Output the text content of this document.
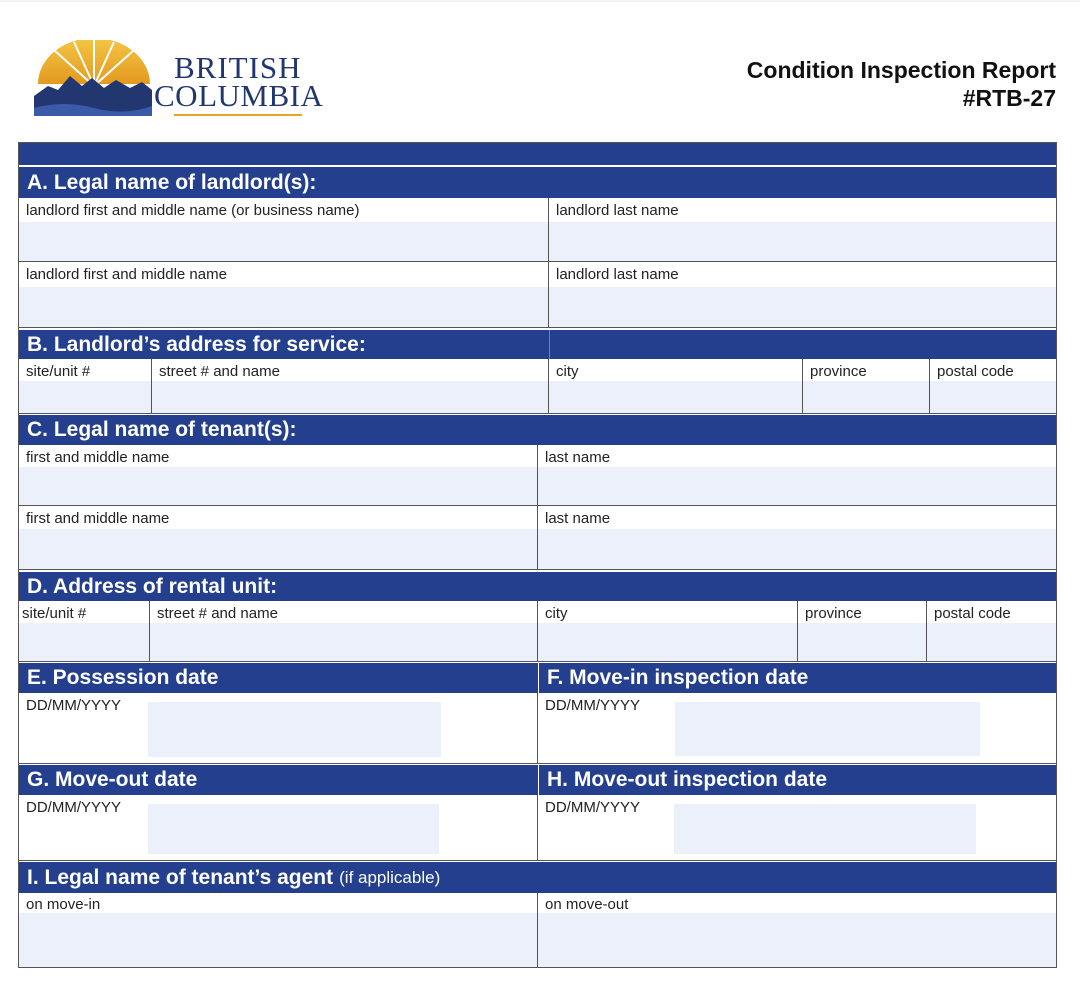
BRITISH
COLUMBIA
Condition Inspection Report
#RTB-27
A. Legal name of landlord(s):
landlord first and middle name (or business name)	landlord last name
landlord first and middle name	landlord last name
B. Landlord’s address for service:
site/unit #	street # and name	city	province	postal code
C. Legal name of tenant(s):
first and middle name	last name
first and middle name	last name
D. Address of rental unit:
site/unit #	street # and name	city	province	postal code
E. Possession date	F. Move-in inspection date
DD/MM/YYYY	DD/MM/YYYY
G. Move-out date	H. Move-out inspection date
DD/MM/YYYY	DD/MM/YYYY
I. Legal name of tenant’s agent (if applicable)
on move-in	on move-out
